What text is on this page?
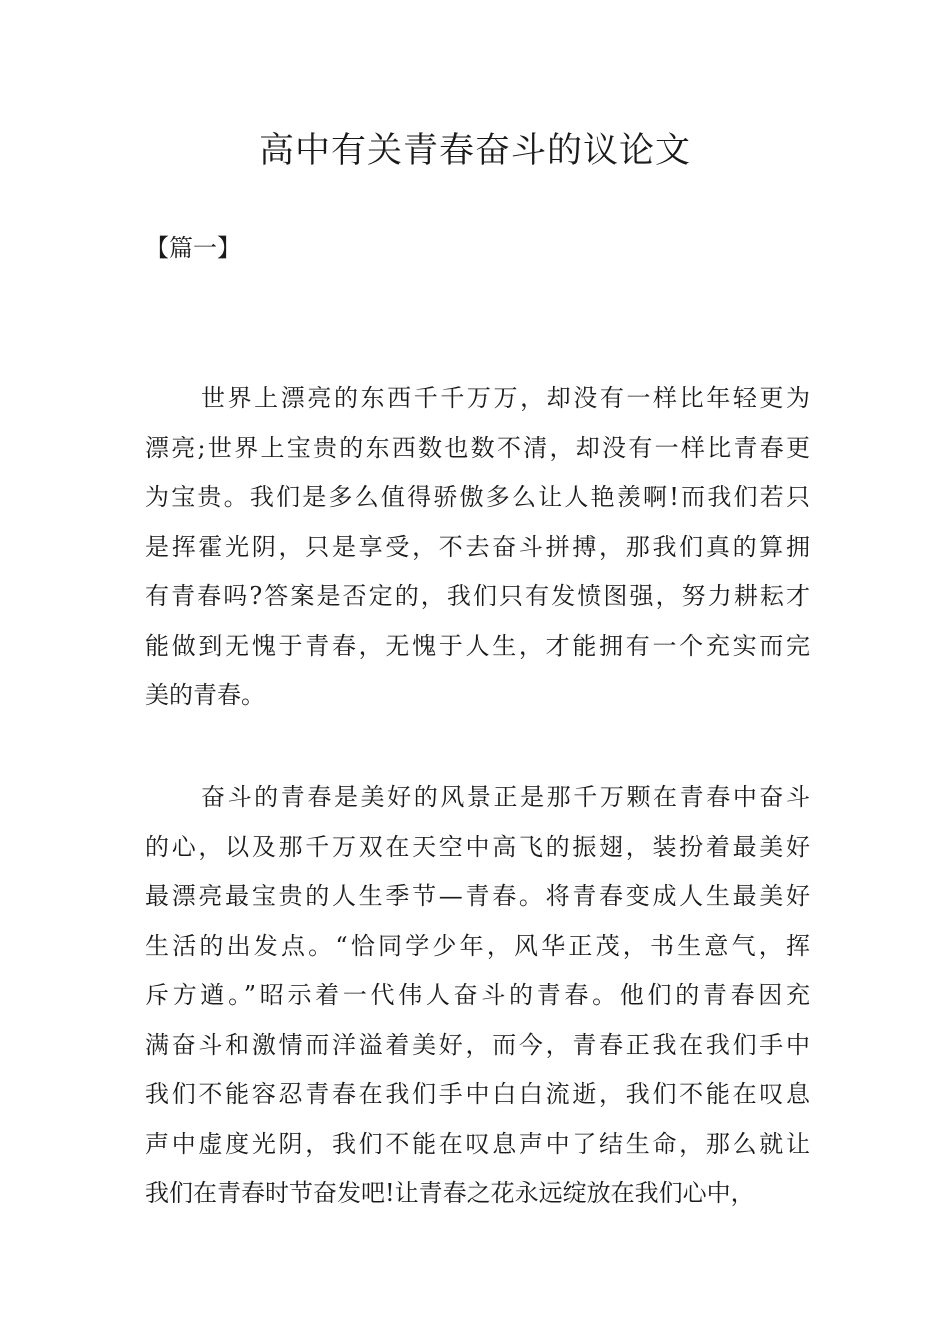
高中有关青春奋斗的议论文
【篇一】
世界上漂亮的东西千千万万，却没有一样比年轻更为
漂亮;世界上宝贵的东西数也数不清，却没有一样比青春更
为宝贵。我们是多么值得骄傲多么让人艳羡啊!而我们若只
是挥霍光阴，只是享受，不去奋斗拼搏，那我们真的算拥
有青春吗?答案是否定的，我们只有发愤图强，努力耕耘才
能做到无愧于青春，无愧于人生，才能拥有一个充实而完
美的青春。
奋斗的青春是美好的风景正是那千万颗在青春中奋斗
的心，以及那千万双在天空中高飞的振翅，装扮着最美好
最漂亮最宝贵的人生季节—青春。将青春变成人生最美好
生活的出发点。“恰同学少年，风华正茂，书生意气，挥
斥方遒。”昭示着一代伟人奋斗的青春。他们的青春因充
满奋斗和激情而洋溢着美好，而今，青春正我在我们手中
我们不能容忍青春在我们手中白白流逝，我们不能在叹息
声中虚度光阴，我们不能在叹息声中了结生命，那么就让
我们在青春时节奋发吧!让青春之花永远绽放在我们心中，
